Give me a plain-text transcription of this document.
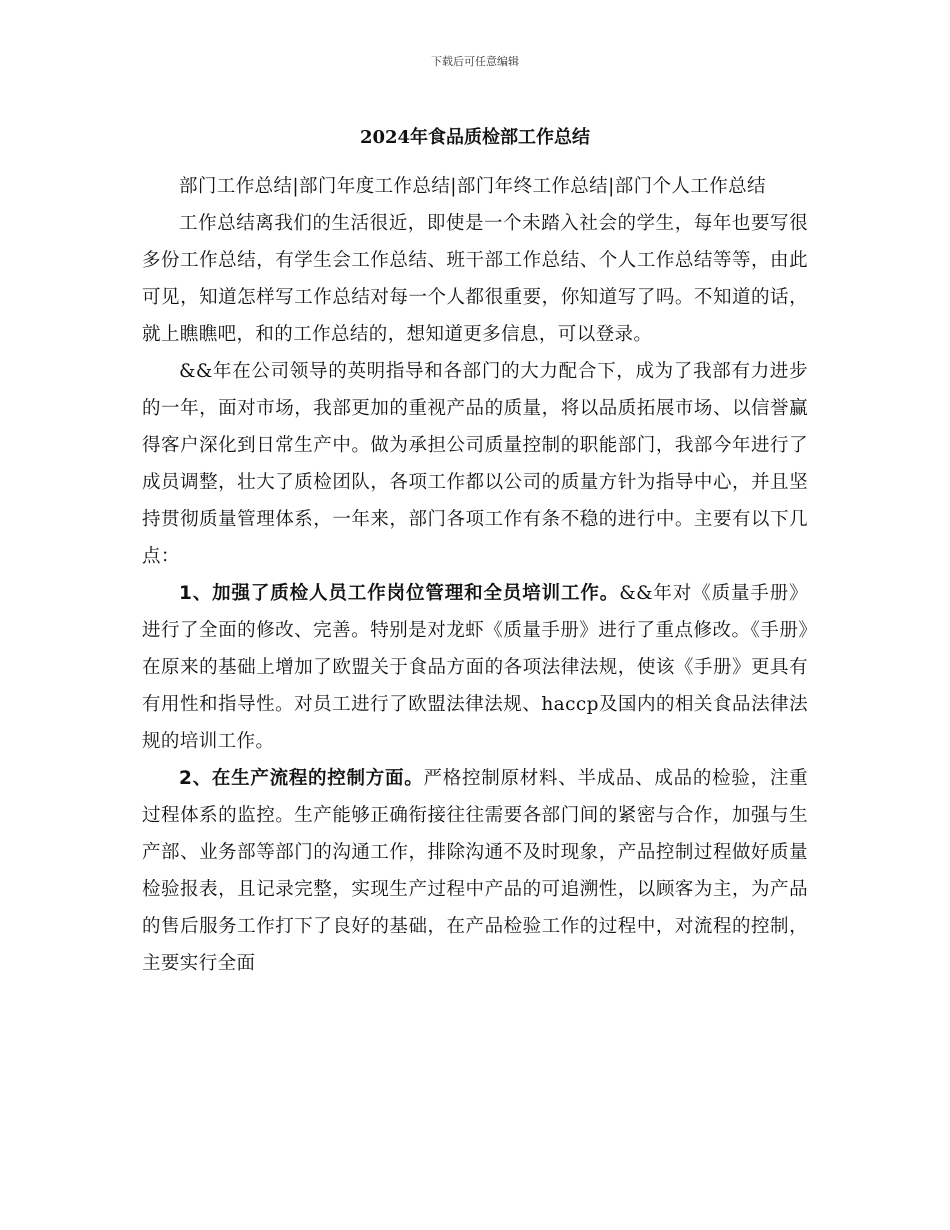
下载后可任意编辑
2024年食品质检部工作总结

部门工作总结|部门年度工作总结|部门年终工作总结|部门个人工作总结

工作总结离我们的生活很近，即使是一个未踏入社会的学生，每年也要写很多份工作总结，有学生会工作总结、班干部工作总结、个人工作总结等等，由此可见，知道怎样写工作总结对每一个人都很重要，你知道写了吗。不知道的话，就上瞧瞧吧，和的工作总结的，想知道更多信息，可以登录。

&&年在公司领导的英明指导和各部门的大力配合下，成为了我部有力进步的一年，面对市场，我部更加的重视产品的质量，将以品质拓展市场、以信誉赢得客户深化到日常生产中。做为承担公司质量控制的职能部门，我部今年进行了成员调整，壮大了质检团队，各项工作都以公司的质量方针为指导中心，并且坚持贯彻质量管理体系，一年来，部门各项工作有条不稳的进行中。主要有以下几点：

1、加强了质检人员工作岗位管理和全员培训工作。&&年对《质量手册》进行了全面的修改、完善。特别是对龙虾《质量手册》进行了重点修改。《手册》在原来的基础上增加了欧盟关于食品方面的各项法律法规，使该《手册》更具有有用性和指导性。对员工进行了欧盟法律法规、haccp及国内的相关食品法律法规的培训工作。

2、在生产流程的控制方面。严格控制原材料、半成品、成品的检验，注重过程体系的监控。生产能够正确衔接往往需要各部门间的紧密与合作，加强与生产部、业务部等部门的沟通工作，排除沟通不及时现象，产品控制过程做好质量检验报表，且记录完整，实现生产过程中产品的可追溯性，以顾客为主，为产品的售后服务工作打下了良好的基础，在产品检验工作的过程中，对流程的控制，主要实行全面
